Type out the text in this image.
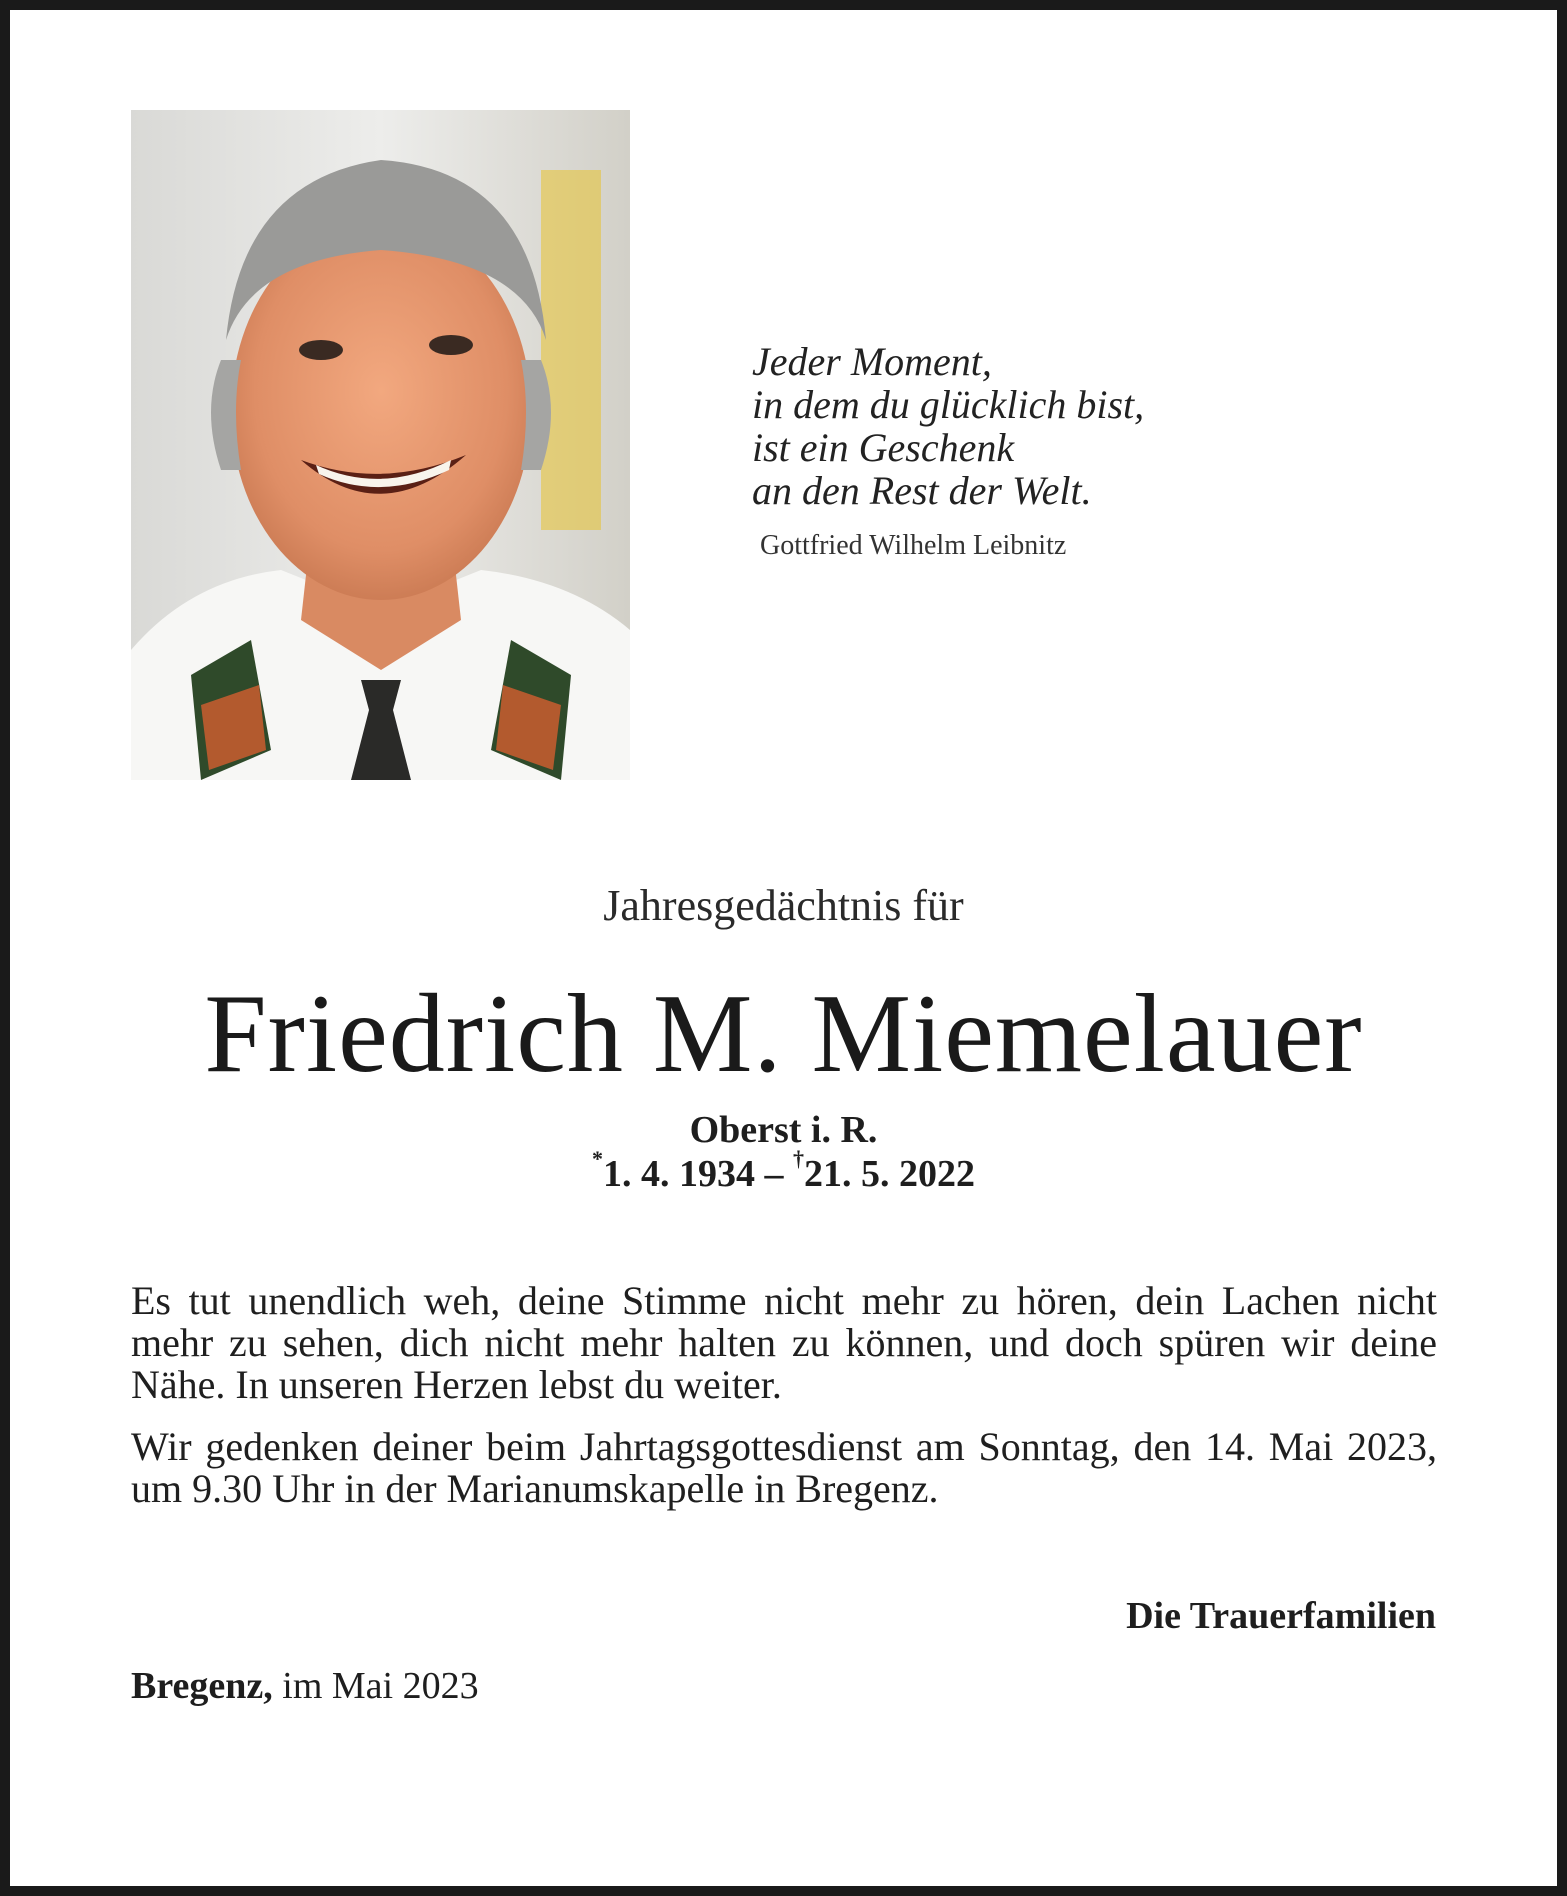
Jeder Moment,
in dem du glücklich bist,
ist ein Geschenk
an den Rest der Welt.
Gottfried Wilhelm Leibnitz
Jahresgedächtnis für
Friedrich M. Miemelauer
Oberst i. R.
*1. 4. 1934 – †21. 5. 2022
Es tut unendlich weh, deine Stimme nicht mehr zu hören, dein Lachen nicht mehr zu sehen, dich nicht mehr halten zu können, und doch spüren wir deine Nähe. In unseren Herzen lebst du weiter.
Wir gedenken deiner beim Jahrtagsgottesdienst am Sonntag, den 14. Mai 2023, um 9.30 Uhr in der Marianumskapelle in Bregenz.
Die Trauerfamilien
Bregenz, im Mai 2023
